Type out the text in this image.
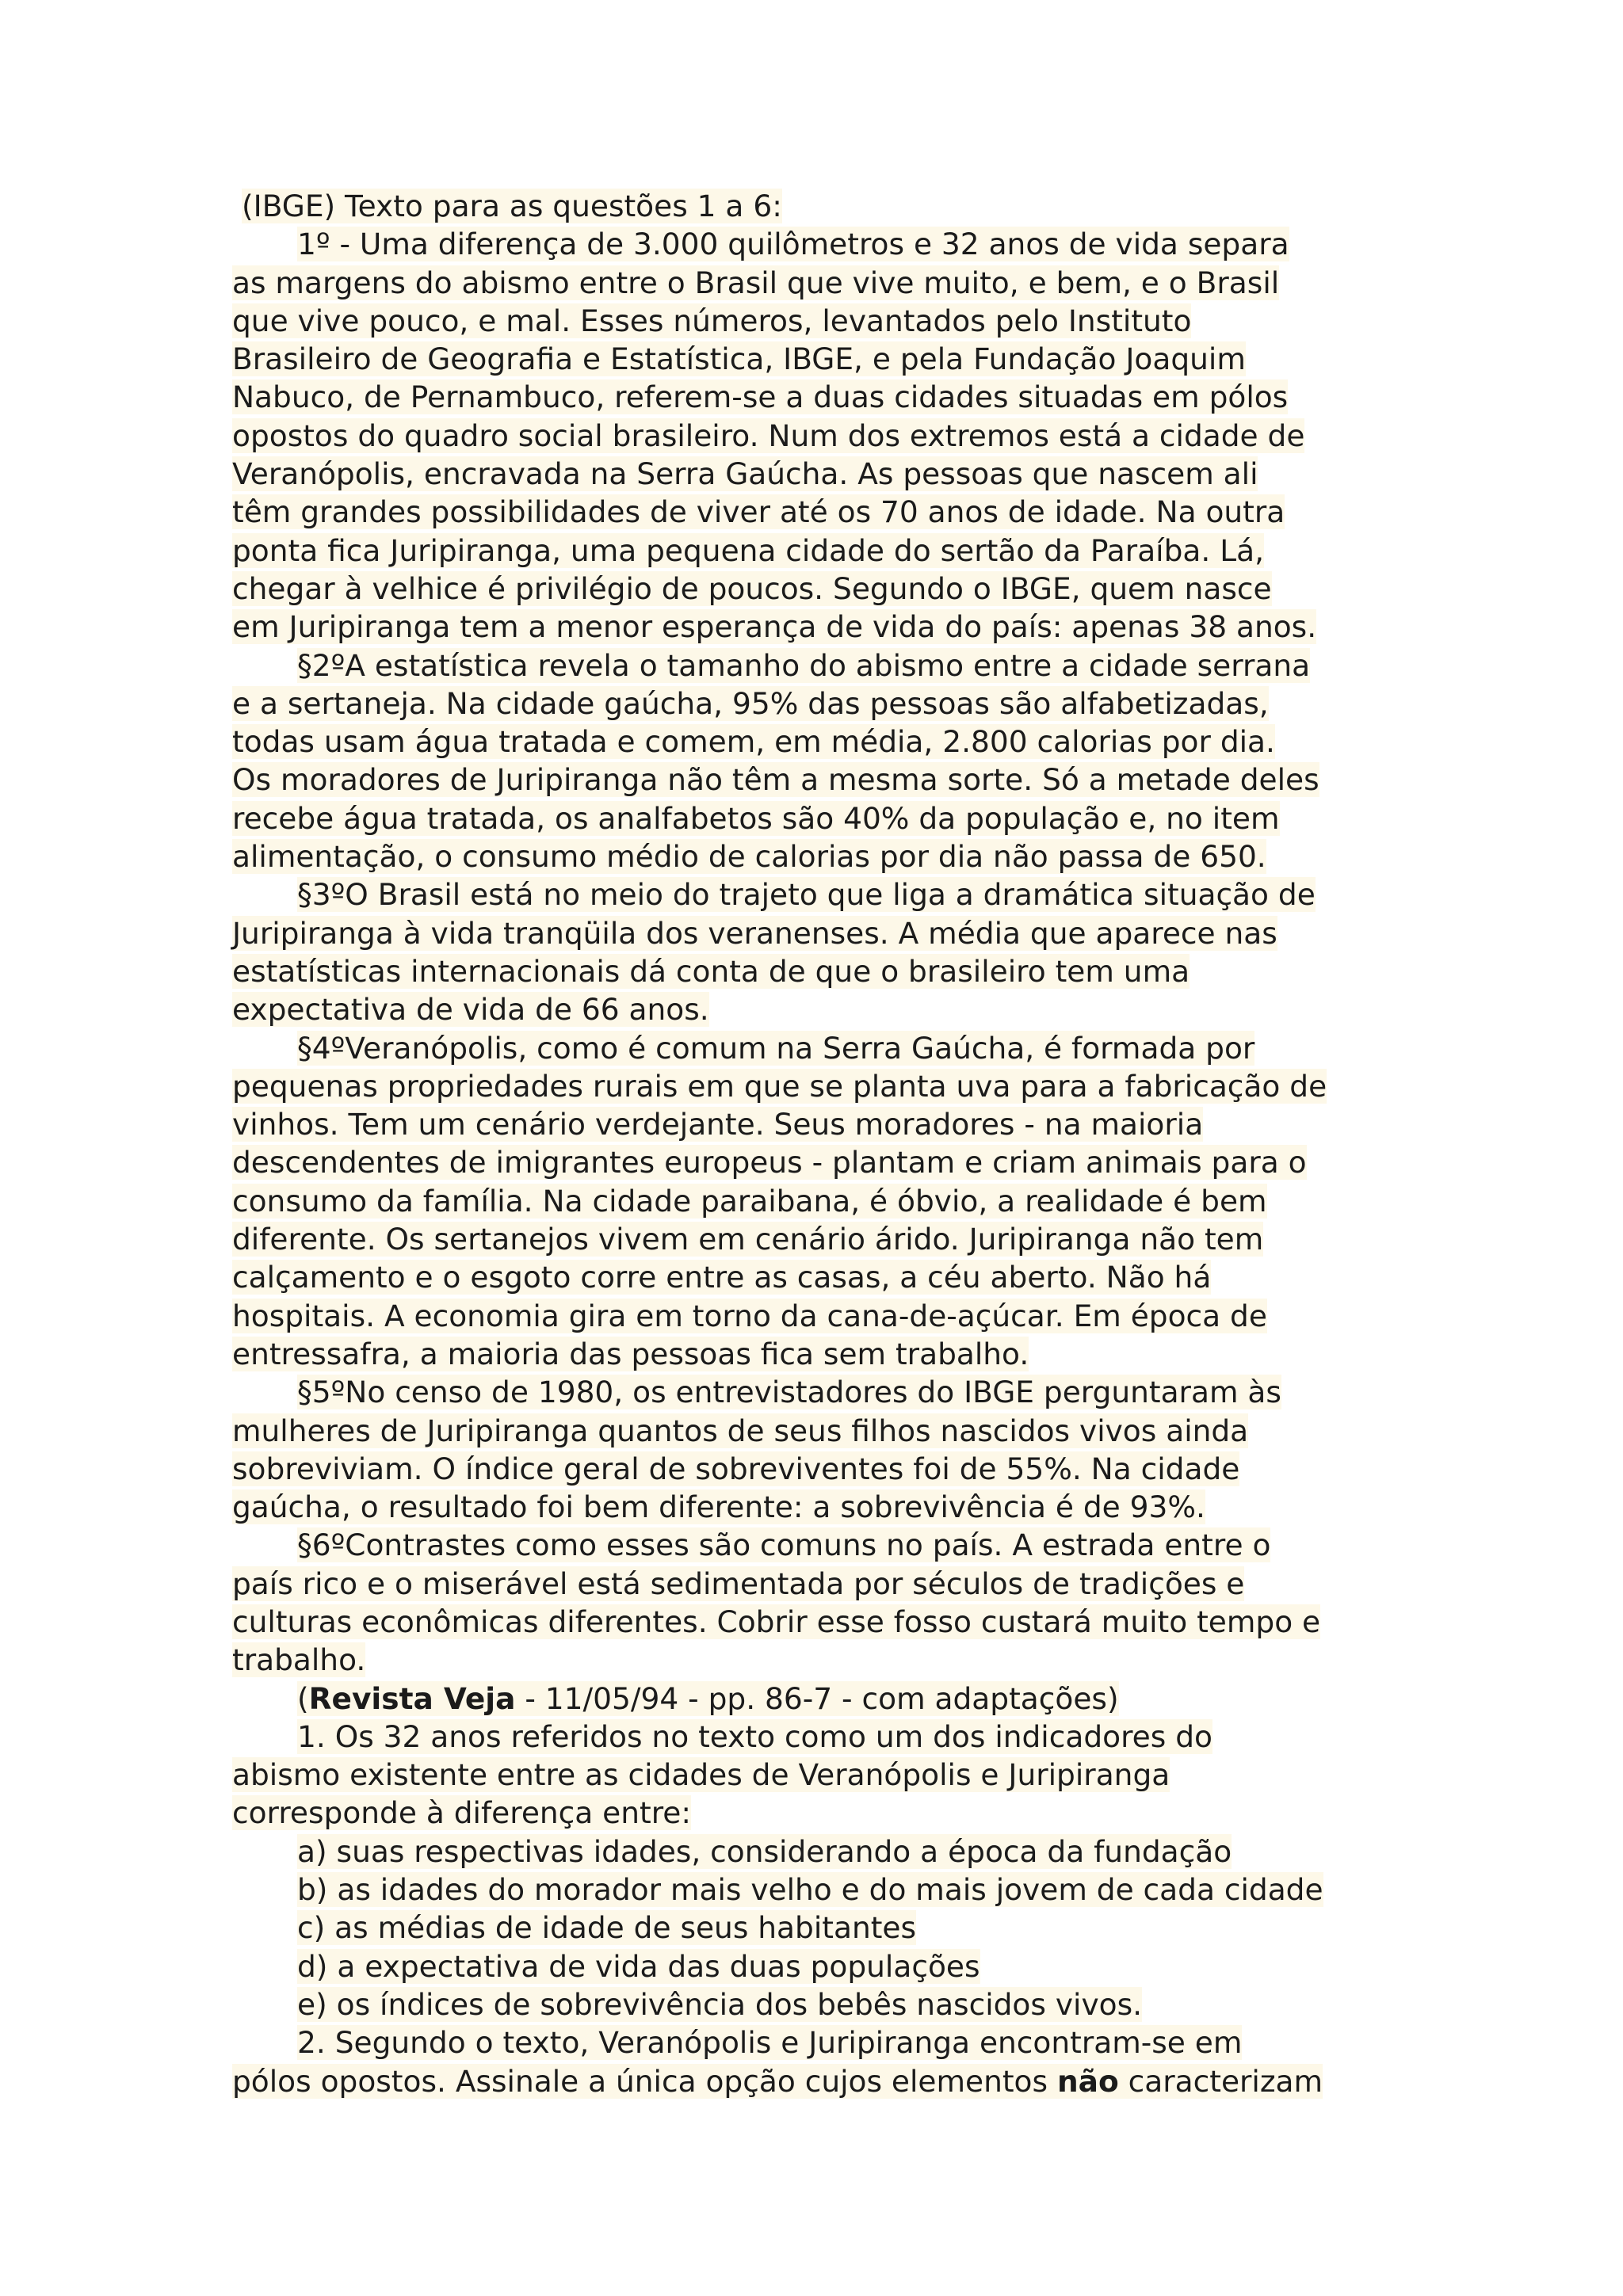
(IBGE) Texto para as questões 1 a 6:
1º - Uma diferença de 3.000 quilômetros e 32 anos de vida separa
as margens do abismo entre o Brasil que vive muito, e bem, e o Brasil
que vive pouco, e mal. Esses números, levantados pelo Instituto
Brasileiro de Geografia e Estatística, IBGE, e pela Fundação Joaquim
Nabuco, de Pernambuco, referem-se a duas cidades situadas em pólos
opostos do quadro social brasileiro. Num dos extremos está a cidade de
Veranópolis, encravada na Serra Gaúcha. As pessoas que nascem ali
têm grandes possibilidades de viver até os 70 anos de idade. Na outra
ponta fica Juripiranga, uma pequena cidade do sertão da Paraíba. Lá,
chegar à velhice é privilégio de poucos. Segundo o IBGE, quem nasce
em Juripiranga tem a menor esperança de vida do país: apenas 38 anos.
§2ºA estatística revela o tamanho do abismo entre a cidade serrana
e a sertaneja. Na cidade gaúcha, 95% das pessoas são alfabetizadas,
todas usam água tratada e comem, em média, 2.800 calorias por dia.
Os moradores de Juripiranga não têm a mesma sorte. Só a metade deles
recebe água tratada, os analfabetos são 40% da população e, no item
alimentação, o consumo médio de calorias por dia não passa de 650.
§3ºO Brasil está no meio do trajeto que liga a dramática situação de
Juripiranga à vida tranqüila dos veranenses. A média que aparece nas
estatísticas internacionais dá conta de que o brasileiro tem uma
expectativa de vida de 66 anos.
§4ºVeranópolis, como é comum na Serra Gaúcha, é formada por
pequenas propriedades rurais em que se planta uva para a fabricação de
vinhos. Tem um cenário verdejante. Seus moradores - na maioria
descendentes de imigrantes europeus - plantam e criam animais para o
consumo da família. Na cidade paraibana, é óbvio, a realidade é bem
diferente. Os sertanejos vivem em cenário árido. Juripiranga não tem
calçamento e o esgoto corre entre as casas, a céu aberto. Não há
hospitais. A economia gira em torno da cana-de-açúcar. Em época de
entressafra, a maioria das pessoas fica sem trabalho.
§5ºNo censo de 1980, os entrevistadores do IBGE perguntaram às
mulheres de Juripiranga quantos de seus filhos nascidos vivos ainda
sobreviviam. O índice geral de sobreviventes foi de 55%. Na cidade
gaúcha, o resultado foi bem diferente: a sobrevivência é de 93%.
§6ºContrastes como esses são comuns no país. A estrada entre o
país rico e o miserável está sedimentada por séculos de tradições e
culturas econômicas diferentes. Cobrir esse fosso custará muito tempo e
trabalho.
(Revista Veja - 11/05/94 - pp. 86-7 - com adaptações)
1. Os 32 anos referidos no texto como um dos indicadores do
abismo existente entre as cidades de Veranópolis e Juripiranga
corresponde à diferença entre:
a) suas respectivas idades, considerando a época da fundação
b) as idades do morador mais velho e do mais jovem de cada cidade
c) as médias de idade de seus habitantes
d) a expectativa de vida das duas populações
e) os índices de sobrevivência dos bebês nascidos vivos.
2. Segundo o texto, Veranópolis e Juripiranga encontram-se em
pólos opostos. Assinale a única opção cujos elementos não caracterizam
